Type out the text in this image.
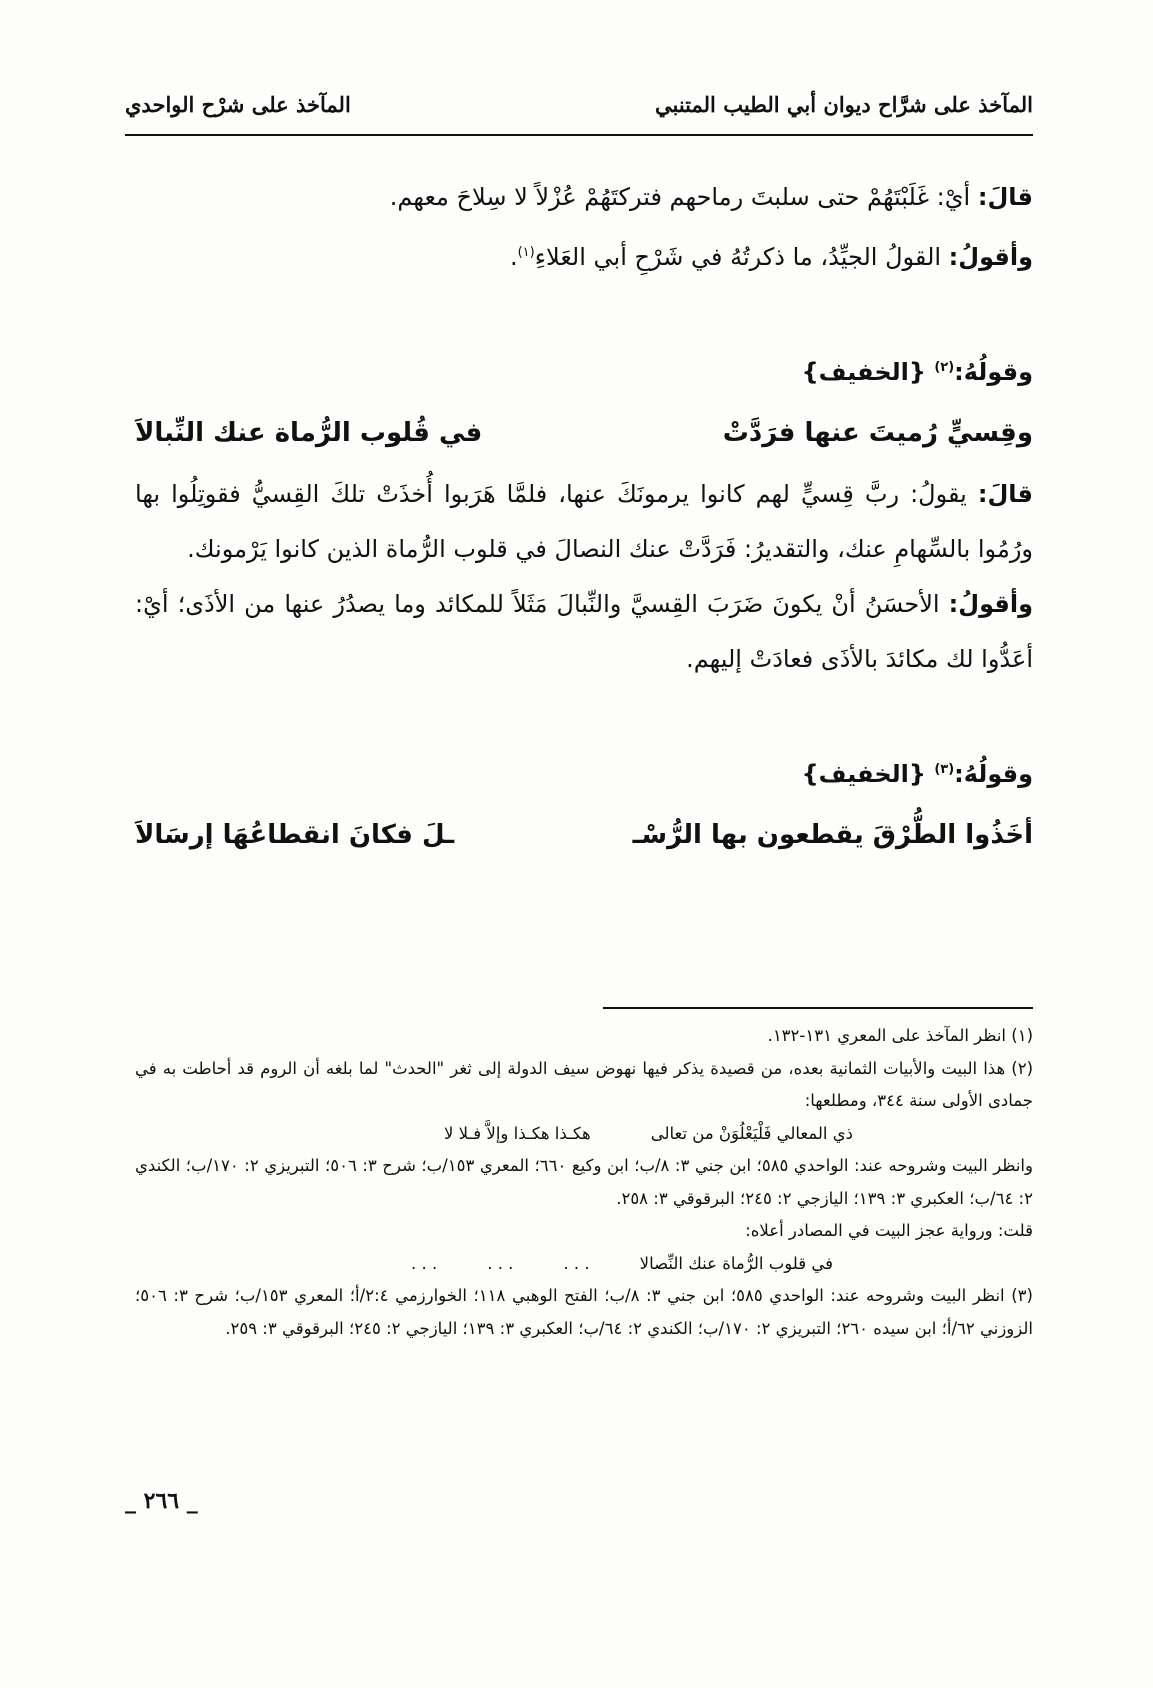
المآخذ على شرَّاح ديوان أبي الطيب المتنبي
المآخذ على شرْح الواحدي

قالَ: أيْ: غَلَبْتَهُمْ حتى سلبتَ رماحهم فتركتَهُمْ عُزْلاً لا سِلاحَ معهم.

وأقولُ: القولُ الجيِّدُ، ما ذكرتُهُ في شَرْحِ أبي العَلاءِ$^{(١)}$.

وقولُهُ:$^{(٢)}$ {الخفيف}

وقِسيٍّ رُميتَ عنها فرَدَّتْ
في قُلوب الرُّماة عنك النِّبالاَ

قالَ: يقولُ: ربَّ قِسيٍّ لهم كانوا يرمونَكَ عنها، فلمَّا هَرَبوا أُخذَتْ تلكَ القِسيُّ فقوتِلُوا بها ورُمُوا بالسِّهامِ عنك، والتقديرُ: فَرَدَّتْ عنك النصالَ في قلوب الرُّماة الذين كانوا يَرْمونك.

وأقولُ: الأحسَنُ أنْ يكونَ ضَرَبَ القِسيَّ والنِّبالَ مَثَلاً للمكائد وما يصدُرُ عنها من الأذَى؛ أيْ: أعَدُّوا لك مكائدَ بالأذَى فعادَتْ إليهم.

وقولُهُ:$^{(٣)}$ {الخفيف}

أخَذُوا الطُّرْقَ يقطعون بها الرُّسْـ
ـلَ فكانَ انقطاعُهَا إرسَالاَ

(١) انظر المآخذ على المعري ١٣١-١٣٢.

(٢) هذا البيت والأبيات الثمانية بعده، من قصيدة يذكر فيها نهوض سيف الدولة إلى ثغر "الحدث" لما بلغه أن الروم قد أحاطت به في جمادى الأولى سنة ٣٤٤، ومطلعها:

ذي المعالي فَلْيَعْلُوَنْ من تعالى
هكـذا هكـذا وإلاَّ فـلا لا

وانظر البيت وشروحه عند: الواحدي ٥٨٥؛ ابن جني ٣: ٨/ب؛ ابن وكيع ٦٦٠؛ المعري ١٥٣/ب؛ شرح ٣: ٥٠٦؛ التبريزي ٢: ١٧٠/ب؛ الكندي ٢: ٦٤/ب؛ العكبري ٣: ١٣٩؛ اليازجي ٢: ٢٤٥؛ البرقوقي ٣: ٢٥٨.

قلت: ورواية عجز البيت في المصادر أعلاه:

في قلوب الرُّماة عنك النِّصالا
. . .
. . .
. . .

(٣) انظر البيت وشروحه عند: الواحدي ٥٨٥؛ ابن جني ٣: ٨/ب؛ الفتح الوهبي ١١٨؛ الخوارزمي ٢:٤/أ؛ المعري ١٥٣/ب؛ شرح ٣: ٥٠٦؛ الزوزني ٦٢/أ؛ ابن سيده ٢٦٠؛ التبريزي ٢: ١٧٠/ب؛ الكندي ٢: ٦٤/ب؛ العكبري ٣: ١٣٩؛ اليازجي ٢: ٢٤٥؛ البرقوقي ٣: ٢٥٩.

_ ٢٦٦ _
